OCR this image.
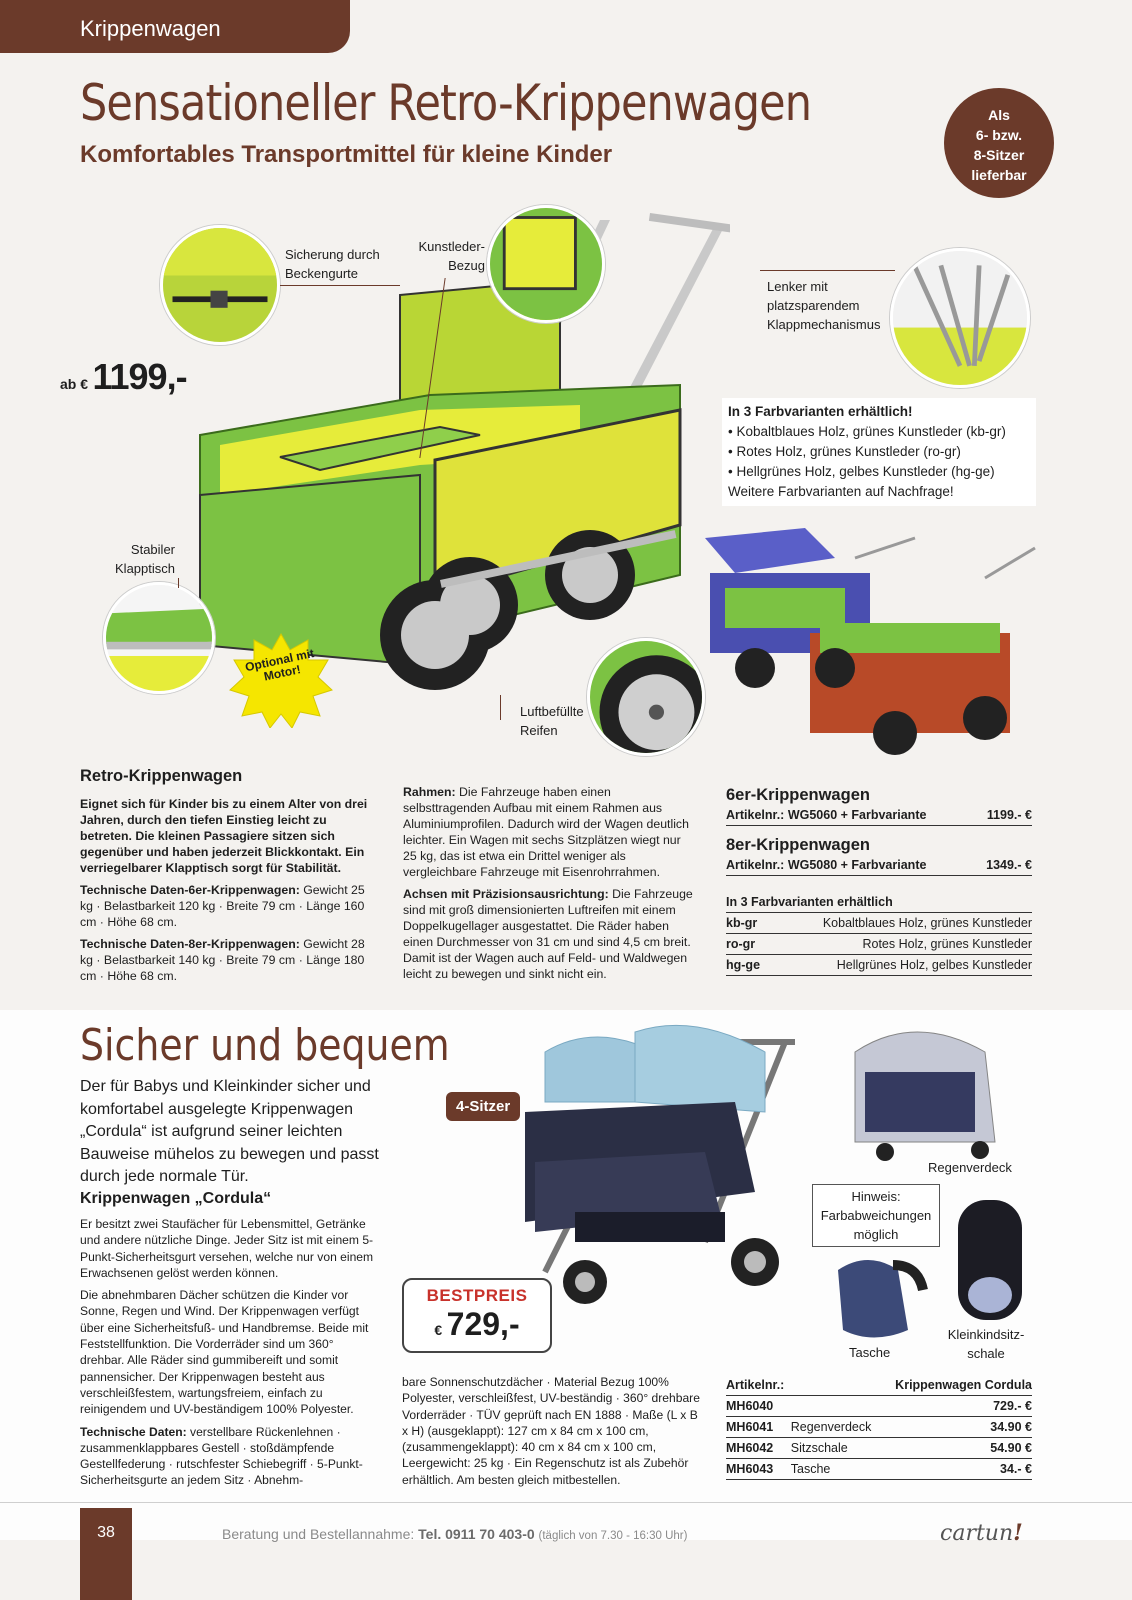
Krippenwagen
Sensationeller Retro-Krippenwagen
Komfortables Transportmittel für kleine Kinder
Als
6- bzw.
8-Sitzer
lieferbar
Sicherung durch Beckengurte
Kunstleder-Bezug
Lenker mit platzsparendem Klappmechanismus
Stabiler Klapptisch
Luftbefüllte Reifen
ab € 1199,-
Optional mit Motor!
In 3 Farbvarianten erhältlich!
• Kobaltblaues Holz, grünes Kunstleder (kb-gr)
• Rotes Holz, grünes Kunstleder (ro-gr)
• Hellgrünes Holz, gelbes Kunstleder (hg-ge)
Weitere Farbvarianten auf Nachfrage!
Retro-Krippenwagen

Eignet sich für Kinder bis zu einem Alter von drei Jahren, durch den tiefen Einstieg leicht zu betreten. Die kleinen Passagiere sitzen sich gegenüber und haben jederzeit Blickkontakt. Ein verriegelbarer Klapptisch sorgt für Stabilität.

Technische Daten-6er-Krippenwagen: Gewicht 25 kg · Belastbarkeit 120 kg · Breite 79 cm · Länge 160 cm · Höhe 68 cm.

Technische Daten-8er-Krippenwagen: Gewicht 28 kg · Belastbarkeit 140 kg · Breite 79 cm · Länge 180 cm · Höhe 68 cm.

Rahmen: Die Fahrzeuge haben einen selbsttragenden Aufbau mit einem Rahmen aus Aluminiumprofilen. Dadurch wird der Wagen deutlich leichter. Ein Wagen mit sechs Sitzplätzen wiegt nur 25 kg, das ist etwa ein Drittel weniger als vergleichbare Fahrzeuge mit Eisenrohrrahmen.

Achsen mit Präzisionsausrichtung: Die Fahrzeuge sind mit groß dimensionierten Luftreifen mit einem Doppelkugellager ausgestattet. Die Räder haben einen Durchmesser von 31 cm und sind 4,5 cm breit. Damit ist der Wagen auch auf Feld- und Waldwegen leicht zu bewegen und sinkt nicht ein.

6er-Krippenwagen
Artikelnr.: WG5060 + Farbvariante	1199.- €
8er-Krippenwagen
Artikelnr.: WG5080 + Farbvariante	1349.- €
In 3 Farbvarianten erhältlich	
kb-gr	Kobaltblaues Holz, grünes Kunstleder
ro-gr	Rotes Holz, grünes Kunstleder
hg-ge	Hellgrünes Holz, gelbes Kunstleder
Sicher und bequem
Der für Babys und Kleinkinder sicher und komfortabel ausgelegte Krippenwagen „Cordula“ ist aufgrund seiner leichten Bauweise mühelos zu bewegen und passt durch jede normale Tür.
Krippenwagen „Cordula“

Er besitzt zwei Staufächer für Lebensmittel, Getränke und andere nützliche Dinge. Jeder Sitz ist mit einem 5-Punkt-Sicherheitsgurt versehen, welche nur von einem Erwachsenen gelöst werden können.

Die abnehmbaren Dächer schützen die Kinder vor Sonne, Regen und Wind. Der Krippenwagen verfügt über eine Sicherheitsfuß- und Handbremse. Beide mit Feststellfunktion. Die Vorderräder sind um 360° drehbar. Alle Räder sind gummibereift und somit pannensicher. Der Krippenwagen besteht aus verschleißfestem, wartungsfreiem, einfach zu reinigendem und UV-beständigem 100% Polyester.

Technische Daten: verstellbare Rückenlehnen · zusammenklappbares Gestell · stoßdämpfende Gestellfederung · rutschfester Schiebegriff · 5-Punkt-Sicherheitsgurte an jedem Sitz · Abnehm-

bare Sonnenschutzdächer · Material Bezug 100% Polyester, verschleißfest, UV-beständig · 360° drehbare Vorderräder · TÜV geprüft nach EN 1888 · Maße (L x B x H) (ausgeklappt): 127 cm x 84 cm x 100 cm, (zusammengeklappt): 40 cm x 84 cm x 100 cm, Leergewicht: 25 kg · Ein Regenschutz ist als Zubehör erhältlich. Am besten gleich mitbestellen.
4-Sitzer
BESTPREIS
€ 729,-
Regenverdeck
Hinweis: Farbabweichungen möglich
Tasche
Kleinkindsitz-schale
Artikelnr.:		Krippenwagen Cordula
MH6040		729.- €
MH6041	Regenverdeck	34.90 €
MH6042	Sitzschale	54.90 €
MH6043	Tasche	34.- €
38	Beratung und Bestellannahme: Tel. 0911 70 403-0 (täglich von 7.30 - 16:30 Uhr)	cartun!
